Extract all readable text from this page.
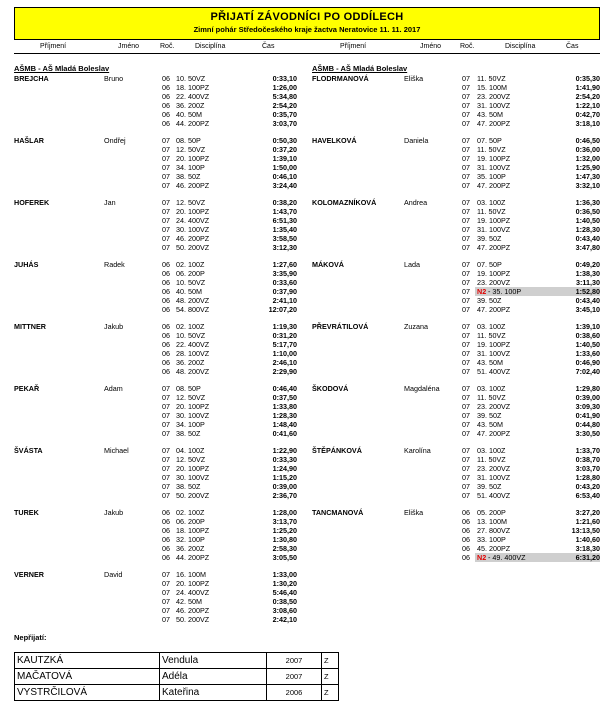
PŘIJATÍ ZÁVODNÍCI PO ODDÍLECH
Zimní pohár Středočeského kraje žactva Neratovice 11. 11. 2017
Příjmení	Jméno	Roč.	Disciplína	Čas	Příjmení	Jméno	Roč.	Disciplína	Čas
AŠMB - AŠ Mladá Boleslav	AŠMB - AŠ Mladá Boleslav
BREJCHA	Bruno	06 10. 50VZ	0:33,10
06 18. 100PZ	1:26,00
06 22. 400VZ	5:34,80
06 36. 200Z	2:54,20
06 40. 50M	0:35,70
06 44. 200PZ	3:03,70
HAŠLAR	Ondřej	07 08. 50P	0:50,30
07 12. 50VZ	0:37,20
07 20. 100PZ	1:39,10
07 34. 100P	1:50,00
07 38. 50Z	0:46,10
07 46. 200PZ	3:24,40
HOFEREK	Jan	07 12. 50VZ	0:38,20
07 20. 100PZ	1:43,70
07 24. 400VZ	6:51,30
07 30. 100VZ	1:35,40
07 46. 200PZ	3:58,50
07 50. 200VZ	3:12,30
JUHÁS	Radek	06 02. 100Z	1:27,60
06 06. 200P	3:35,90
06 10. 50VZ	0:33,60
06 40. 50M	0:37,90
06 48. 200VZ	2:41,10
06 54. 800VZ	12:07,20
MITTNER	Jakub	06 02. 100Z	1:19,30
06 10. 50VZ	0:31,20
06 22. 400VZ	5:17,70
06 28. 100VZ	1:10,00
06 36. 200Z	2:46,10
06 48. 200VZ	2:29,90
PEKAŘ	Adam	07 08. 50P	0:46,40
07 12. 50VZ	0:37,50
07 20. 100PZ	1:33,80
07 30. 100VZ	1:28,30
07 34. 100P	1:48,40
07 38. 50Z	0:41,60
ŠVÁSTA	Michael	07 04. 100Z	1:22,90
07 12. 50VZ	0:33,30
07 20. 100PZ	1:24,90
07 30. 100VZ	1:15,20
07 38. 50Z	0:39,00
07 50. 200VZ	2:36,70
TUREK	Jakub	06 02. 100Z	1:28,00
06 06. 200P	3:13,70
06 18. 100PZ	1:25,20
06 32. 100P	1:30,80
06 36. 200Z	2:58,30
06 44. 200PZ	3:05,50
VERNER	David	07 16. 100M	1:33,00
07 20. 100PZ	1:30,20
07 24. 400VZ	5:46,40
07 42. 50M	0:38,50
07 46. 200PZ	3:08,60
07 50. 200VZ	2:42,10
FLODRMANOVÁ	Eliška	07 11. 50VZ	0:35,30
07 15. 100M	1:41,90
07 23. 200VZ	2:54,20
07 31. 100VZ	1:22,10
07 43. 50M	0:42,70
07 47. 200PZ	3:18,10
HAVELKOVÁ	Daniela	07 07. 50P	0:46,50
07 11. 50VZ	0:36,00
07 19. 100PZ	1:32,00
07 31. 100VZ	1:25,90
07 35. 100P	1:47,30
07 47. 200PZ	3:32,10
KOLOMAZNÍKOVÁ	Andrea	07 03. 100Z	1:36,30
07 11. 50VZ	0:36,50
07 19. 100PZ	1:40,50
07 31. 100VZ	1:28,30
07 39. 50Z	0:43,40
07 47. 200PZ	3:47,80
MÁKOVÁ	Lada	07 07. 50P	0:49,20
07 19. 100PZ	1:38,30
07 23. 200VZ	3:11,30
07 N2 - 35. 100P	1:52,80
07 39. 50Z	0:43,40
07 47. 200PZ	3:45,10
PŘEVRÁTILOVÁ	Zuzana	07 03. 100Z	1:39,10
07 11. 50VZ	0:38,60
07 19. 100PZ	1:40,50
07 31. 100VZ	1:33,60
07 43. 50M	0:46,90
07 51. 400VZ	7:02,40
ŠKODOVÁ	Magdaléna	07 03. 100Z	1:29,80
07 11. 50VZ	0:39,00
07 23. 200VZ	3:09,30
07 39. 50Z	0:41,90
07 43. 50M	0:44,80
07 47. 200PZ	3:30,50
ŠTĚPÁNKOVÁ	Karolína	07 03. 100Z	1:33,70
07 11. 50VZ	0:38,70
07 23. 200VZ	3:03,70
07 31. 100VZ	1:28,80
07 39. 50Z	0:43,20
07 51. 400VZ	6:53,40
TANCMANOVÁ	Eliška	06 05. 200P	3:27,20
06 13. 100M	1:21,60
06 27. 800VZ	13:13,50
06 33. 100P	1:40,60
06 45. 200PZ	3:18,30
06 N2 - 49. 400VZ	6:31,20
Nepřijatí:
KAUTZKÁ	Vendula	2007	Z
MAČATOVÁ	Adéla	2007	Z
VYSTRČILOVÁ	Kateřina	2006	Z
